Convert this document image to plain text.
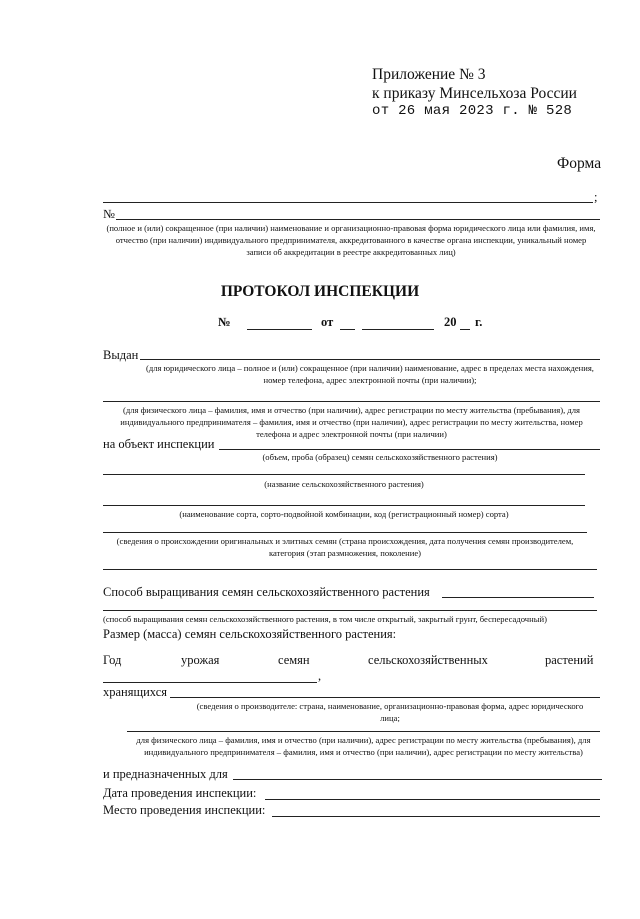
Приложение № 3
к приказу Минсельхоза России
от 26 мая 2023 г. № 528
Форма
;
№
(полное и (или) сокращенное (при наличии) наименование и организационно-правовая форма юридического лица или фамилия, имя, отчество (при наличии) индивидуального предпринимателя, аккредитованного в качестве органа инспекции, уникальный номер записи об аккредитации в реестре аккредитованных лиц)
ПРОТОКОЛ ИНСПЕКЦИИ
№	от	20 г.
Выдан
(для юридического лица – полное и (или) сокращенное (при наличии) наименование, адрес в пределах места нахождения, номер телефона, адрес электронной почты (при наличии);
(для физического лица – фамилия, имя и отчество (при наличии), адрес регистрации по месту жительства (пребывания), для индивидуального предпринимателя – фамилия, имя и отчество (при наличии), адрес регистрации по месту жительства, номер телефона и адрес электронной почты (при наличии)
на объект инспекции
(объем, проба (образец) семян сельскохозяйственного растения)
(название сельскохозяйственного растения)
(наименование сорта, сорто-подвойной комбинации, код (регистрационный номер) сорта)
(сведения о происхождении оригинальных и элитных семян (страна происхождения, дата получения семян производителем, категория (этап размножения, поколение)
Способ выращивания семян сельскохозяйственного растения
(способ выращивания семян сельскохозяйственного растения, в том числе открытый, закрытый грунт, беспересадочный)
Размер (масса) семян сельскохозяйственного растения:
Год	урожая	семян	сельскохозяйственных	растений
,
хранящихся
(сведения о производителе: страна, наименование, организационно-правовая форма, адрес юридического лица;
для физического лица – фамилия, имя и отчество (при наличии), адрес регистрации по месту жительства (пребывания), для индивидуального предпринимателя – фамилия, имя и отчество (при наличии), адрес регистрации по месту жительства)
и предназначенных для
Дата проведения инспекции:
Место проведения инспекции:
